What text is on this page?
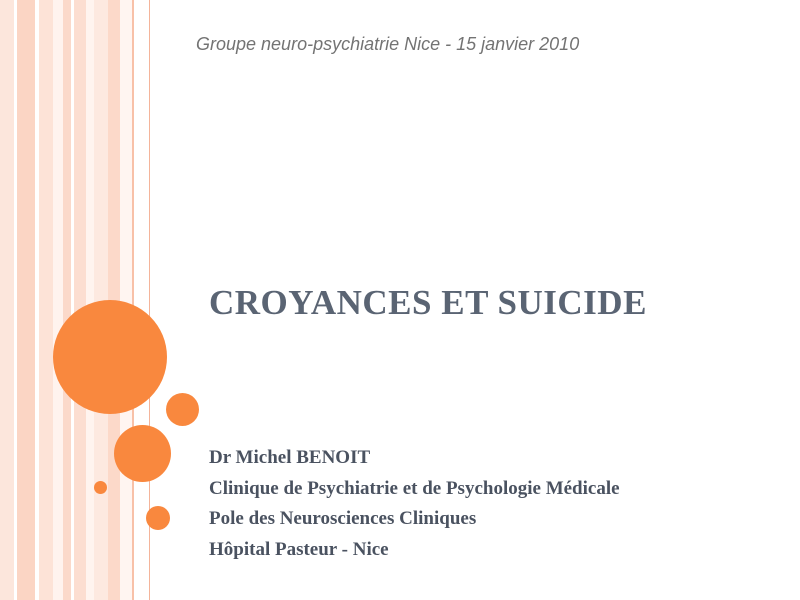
Groupe neuro-psychiatrie Nice - 15 janvier 2010
CROYANCES ET SUICIDE
Dr Michel BENOIT
Clinique de Psychiatrie et de Psychologie Médicale
Pole des Neurosciences Cliniques
Hôpital Pasteur - Nice
